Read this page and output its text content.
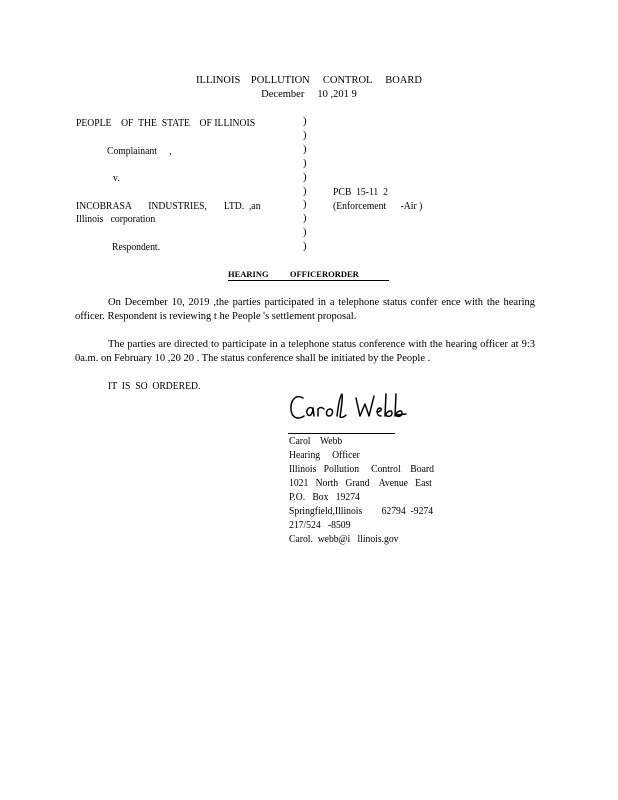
ILLINOIS    POLLUTION     CONTROL     BOARD
December     10 ,201 9
PEOPLE    OF  THE  STATE    OF ILLINOIS
Complainant     ,
v.
INCOBRASA       INDUSTRIES,       LTD.  ,an
Illinois   corporation
Respondent.
)
)
)
)
)
)
)
)
)
)
PCB  15-11  2
(Enforcement      -Air )
HEARING          OFFICERORDER
On December 10, 2019 ,the parties participated in a telephone status confer ence with the hearing officer. Respondent is reviewing t he People 's settlement proposal.
The parties are directed to participate in a telephone status conference with the hearing officer at 9:3 0a.m. on February 10 ,20 20 . The status conference shall be initiated by the People .
IT  IS  SO  ORDERED.
Carol    Webb
Hearing     Officer
Illinois   Pollution     Control    Board
1021   North   Grand    Avenue   East
P.O.   Box   19274
Springfield,Illinois        62794  -9274
217/524   -8509
Carol.  webb@i   llinois.gov
